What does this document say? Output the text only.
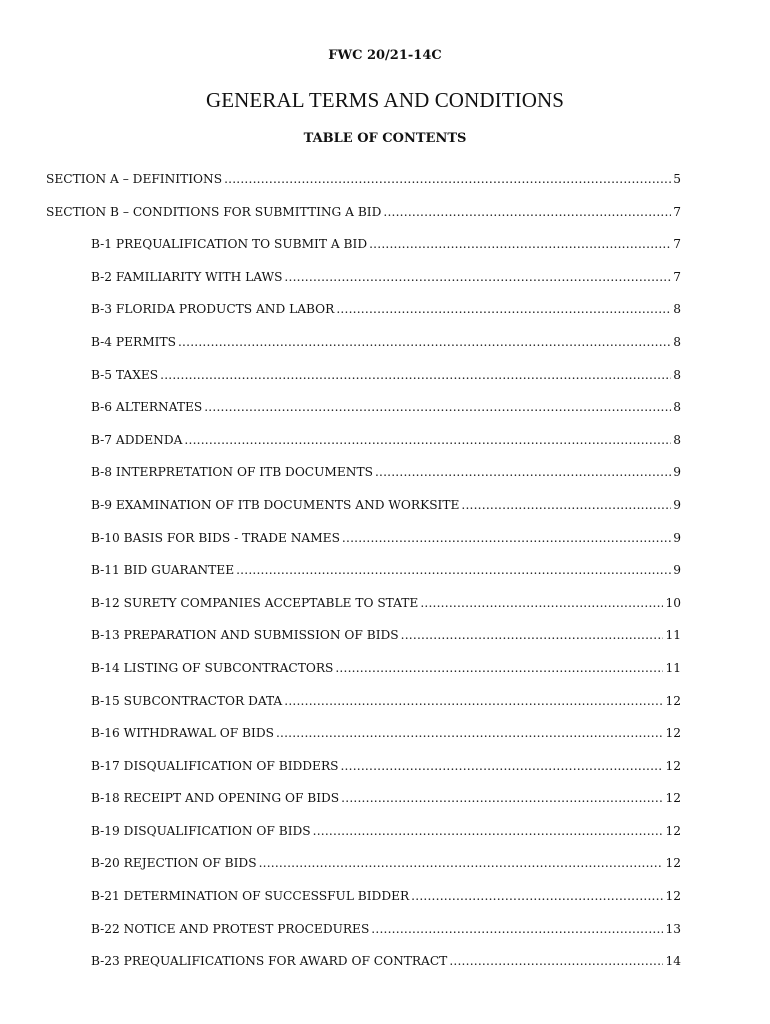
FWC 20/21-14C
GENERAL TERMS AND CONDITIONS
TABLE OF CONTENTS
SECTION A – DEFINITIONS .....	5
SECTION B – CONDITIONS FOR SUBMITTING A BID .....	7
B-1 PREQUALIFICATION TO SUBMIT A BID .....	7
B-2 FAMILIARITY WITH LAWS .....	7
B-3 FLORIDA PRODUCTS AND LABOR .....	8
B-4 PERMITS .....	8
B-5 TAXES .....	8
B-6 ALTERNATES .....	8
B-7 ADDENDA .....	8
B-8 INTERPRETATION OF ITB DOCUMENTS .....	9
B-9 EXAMINATION OF ITB DOCUMENTS AND WORKSITE .....	9
B-10 BASIS FOR BIDS - TRADE NAMES .....	9
B-11 BID GUARANTEE .....	9
B-12 SURETY COMPANIES ACCEPTABLE TO STATE .....	10
B-13 PREPARATION AND SUBMISSION OF BIDS .....	11
B-14 LISTING OF SUBCONTRACTORS .....	11
B-15 SUBCONTRACTOR DATA .....	12
B-16 WITHDRAWAL OF BIDS .....	12
B-17 DISQUALIFICATION OF BIDDERS .....	12
B-18 RECEIPT AND OPENING OF BIDS .....	12
B-19 DISQUALIFICATION OF BIDS .....	12
B-20 REJECTION OF BIDS .....	12
B-21 DETERMINATION OF SUCCESSFUL BIDDER .....	12
B-22 NOTICE AND PROTEST PROCEDURES .....	13
B-23 PREQUALIFICATIONS FOR AWARD OF CONTRACT .....	14
